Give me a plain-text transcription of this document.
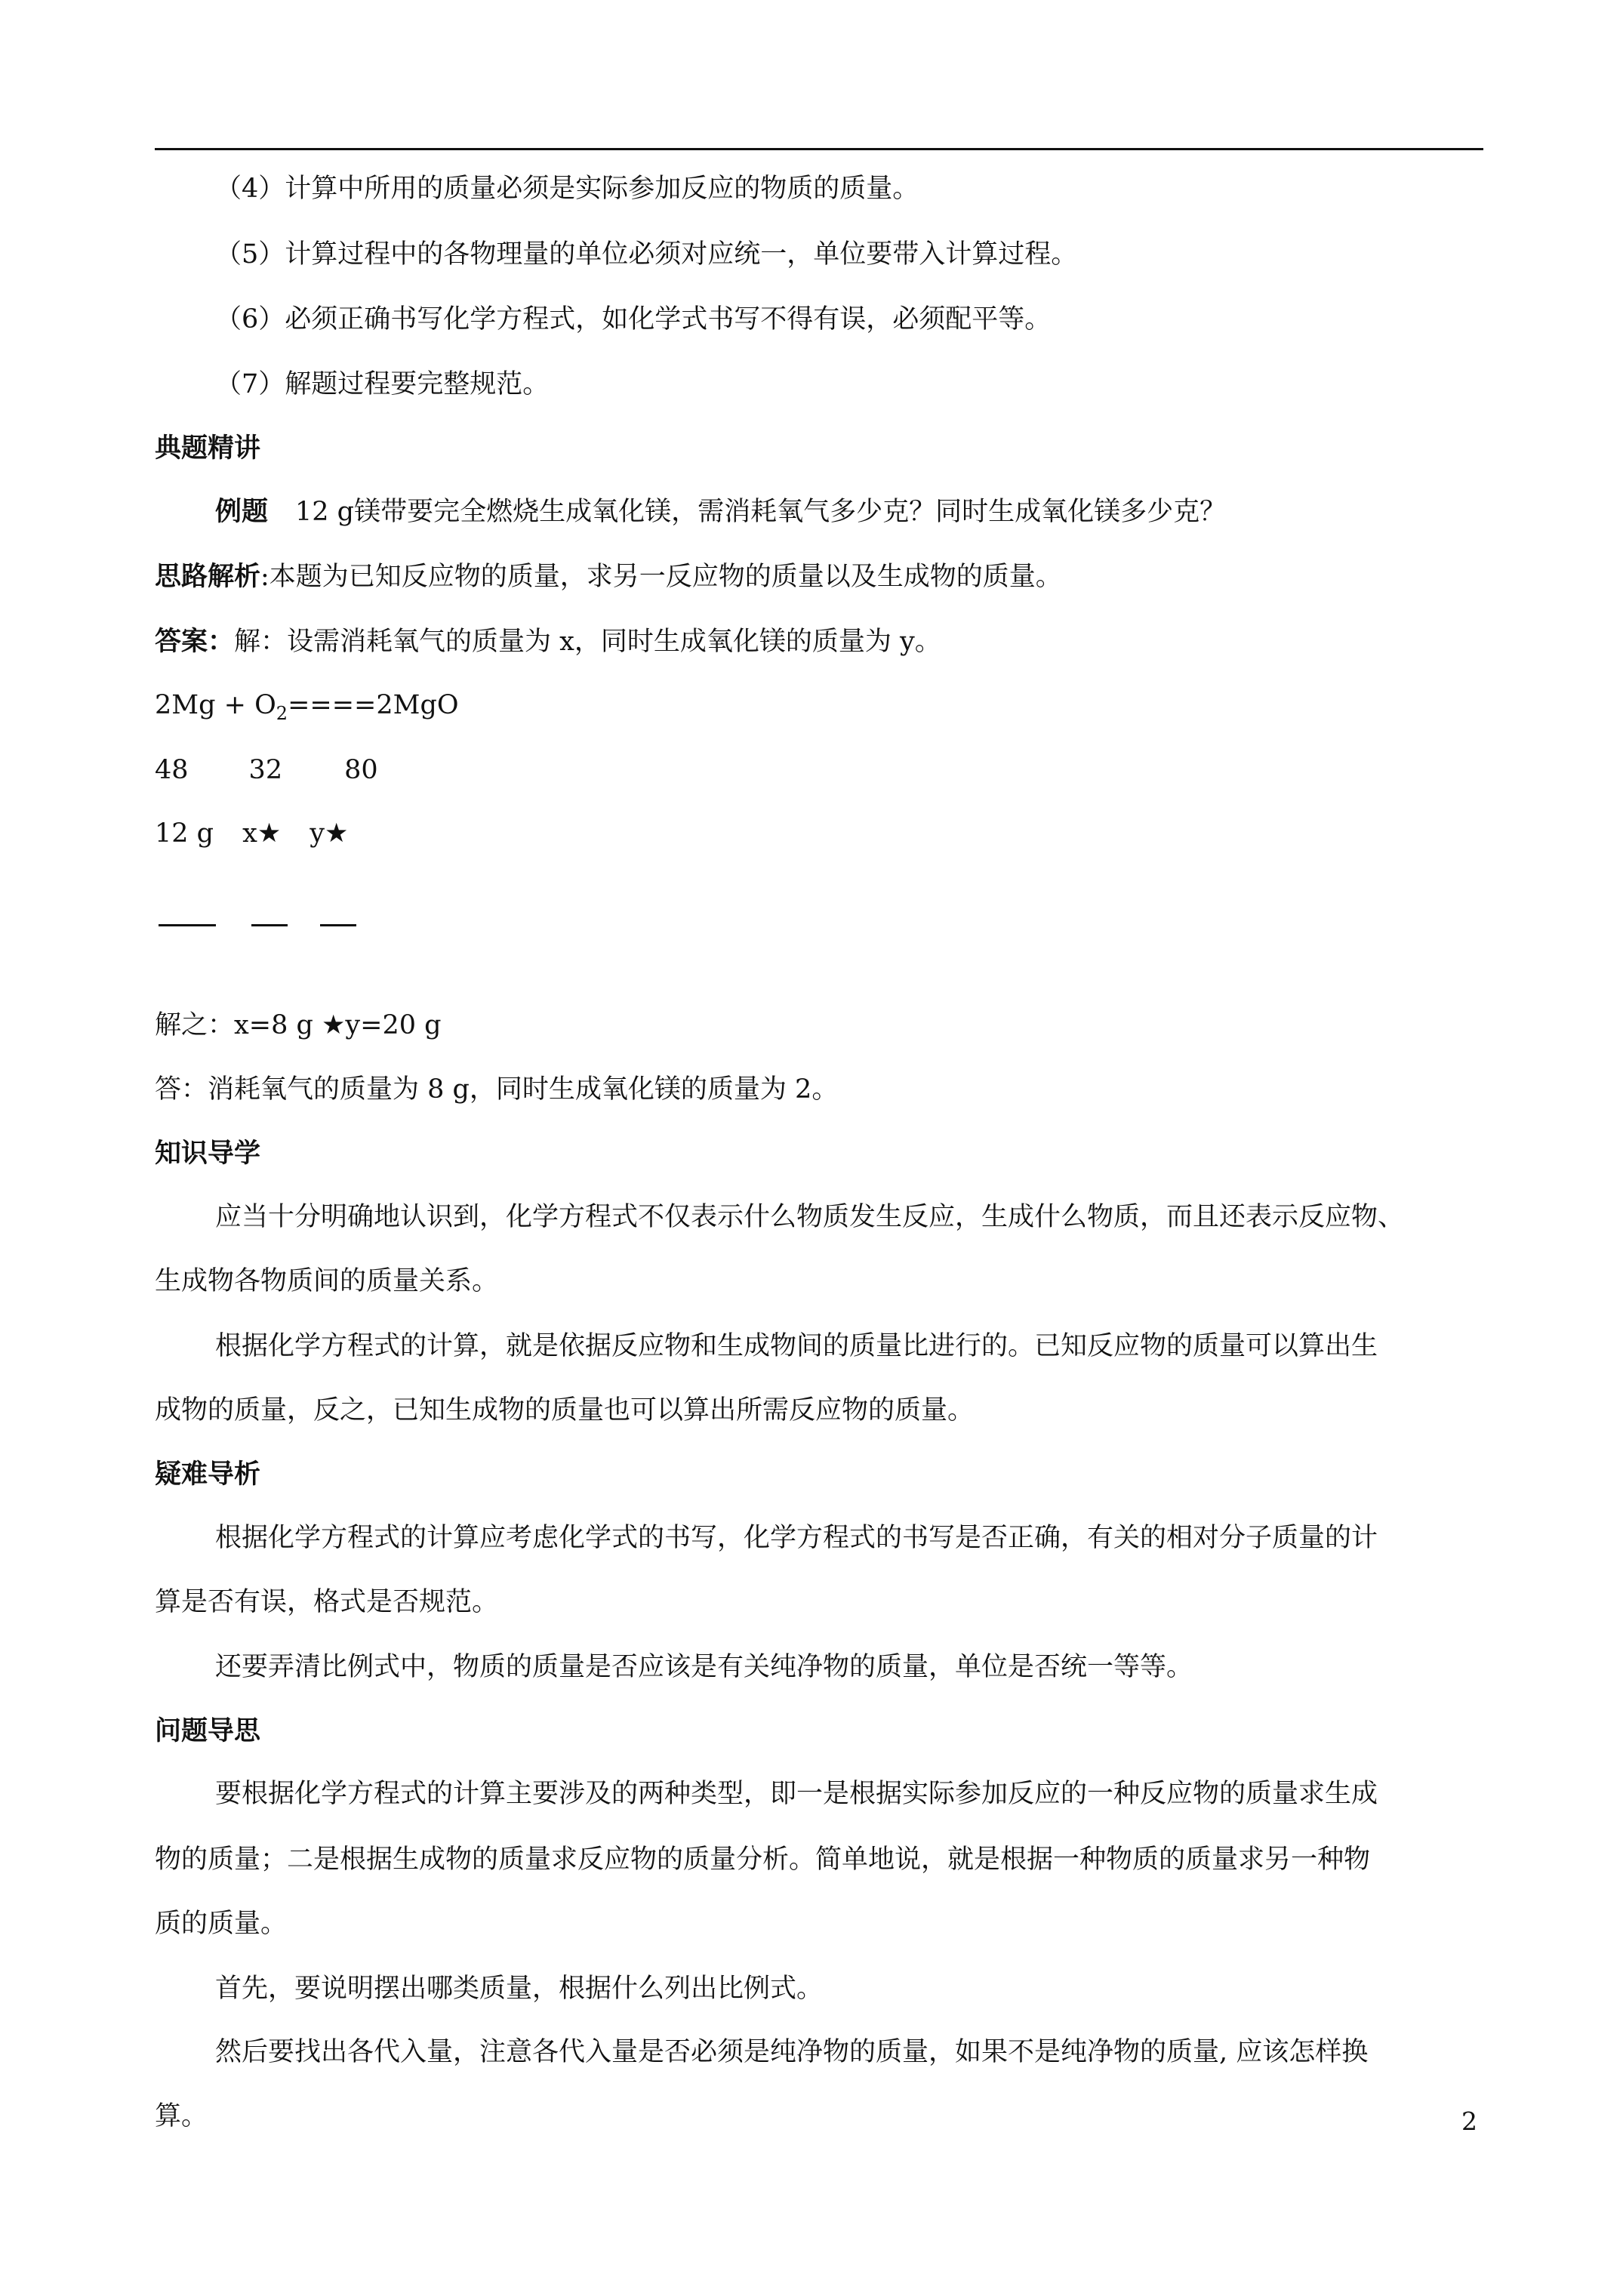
（4）计算中所用的质量必须是实际参加反应的物质的质量。
（5）计算过程中的各物理量的单位必须对应统一，单位要带入计算过程。
（6）必须正确书写化学方程式，如化学式书写不得有误，必须配平等。
（7）解题过程要完整规范。
典题精讲
例题 12 g镁带要完全燃烧生成氧化镁，需消耗氧气多少克？同时生成氧化镁多少克？
思路解析:本题为已知反应物的质量，求另一反应物的质量以及生成物的质量。
答案：解：设需消耗氧气的质量为 x，同时生成氧化镁的质量为 y。
$2Mg + O_2====2MgO$
48 32 80
12 g x★ y★
解之：x=8 g ★y=20 g
答：消耗氧气的质量为 8 g，同时生成氧化镁的质量为 2。
知识导学
应当十分明确地认识到，化学方程式不仅表示什么物质发生反应，生成什么物质，而且还表示反应物、
生成物各物质间的质量关系。
根据化学方程式的计算，就是依据反应物和生成物间的质量比进行的。已知反应物的质量可以算出生
成物的质量，反之，已知生成物的质量也可以算出所需反应物的质量。
疑难导析
根据化学方程式的计算应考虑化学式的书写，化学方程式的书写是否正确，有关的相对分子质量的计
算是否有误，格式是否规范。
还要弄清比例式中，物质的质量是否应该是有关纯净物的质量，单位是否统一等等。
问题导思
要根据化学方程式的计算主要涉及的两种类型，即一是根据实际参加反应的一种反应物的质量求生成
物的质量；二是根据生成物的质量求反应物的质量分析。简单地说，就是根据一种物质的质量求另一种物
质的质量。
首先，要说明摆出哪类质量，根据什么列出比例式。
然后要找出各代入量，注意各代入量是否必须是纯净物的质量，如果不是纯净物的质量, 应该怎样换
算。	2
